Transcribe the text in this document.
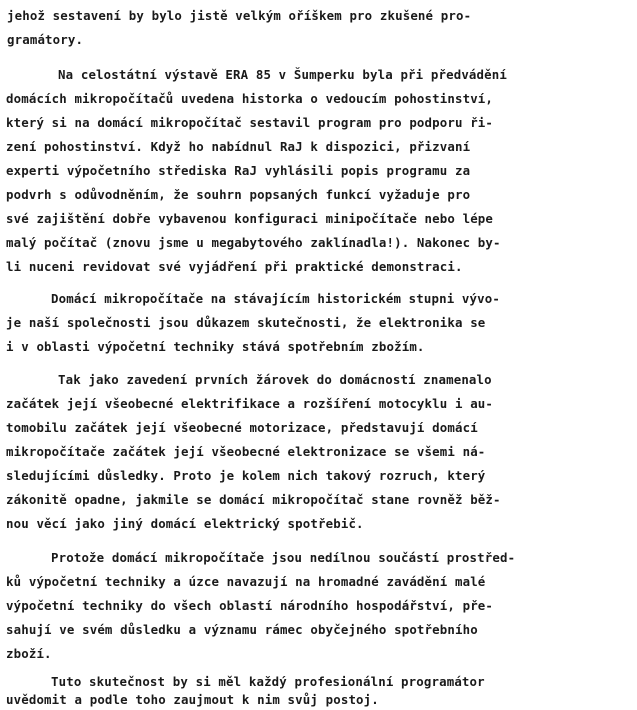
jehož sestavení by bylo jistě velkým oříškem pro zkušené pro-
gramátory.
Na celostátní výstavě ERA 85 v Šumperku byla při předvádění
domácích mikropočítačů uvedena historka o vedoucím pohostinství,
který si na domácí mikropočítač sestavil program pro podporu ři-
zení pohostinství. Když ho nabídnul RaJ k dispozici, přizvaní
experti výpočetního střediska RaJ vyhlásili popis programu za
podvrh s odůvodněním, že souhrn popsaných funkcí vyžaduje pro
své zajištění dobře vybavenou konfiguraci minipočítače nebo lépe
malý počítač (znovu jsme u megabytového zaklínadla!). Nakonec by-
li nuceni revidovat své vyjádření při praktické demonstraci.
Domácí mikropočítače na stávajícím historickém stupni vývo-
je naší společnosti jsou důkazem skutečnosti, že elektronika se
i v oblasti výpočetní techniky stává spotřebním zbožím.
Tak jako zavedení prvních žárovek do domácností znamenalo
začátek její všeobecné elektrifikace a rozšíření motocyklu i au-
tomobilu začátek její všeobecné motorizace, představují domácí
mikropočítače začátek její všeobecné elektronizace se všemi ná-
sledujícími důsledky. Proto je kolem nich takový rozruch, který
zákonitě opadne, jakmile se domácí mikropočítač stane rovněž běž-
nou věcí jako jiný domácí elektrický spotřebič.
Protože domácí mikropočítače jsou nedílnou součástí prostřed-
ků výpočetní techniky a úzce navazují na hromadné zavádění malé
výpočetní techniky do všech oblastí národního hospodářství, pře-
sahují ve svém důsledku a významu rámec obyčejného spotřebního
zboží.
Tuto skutečnost by si měl každý profesionální programátor
uvědomit a podle toho zaujmout k nim svůj postoj.
